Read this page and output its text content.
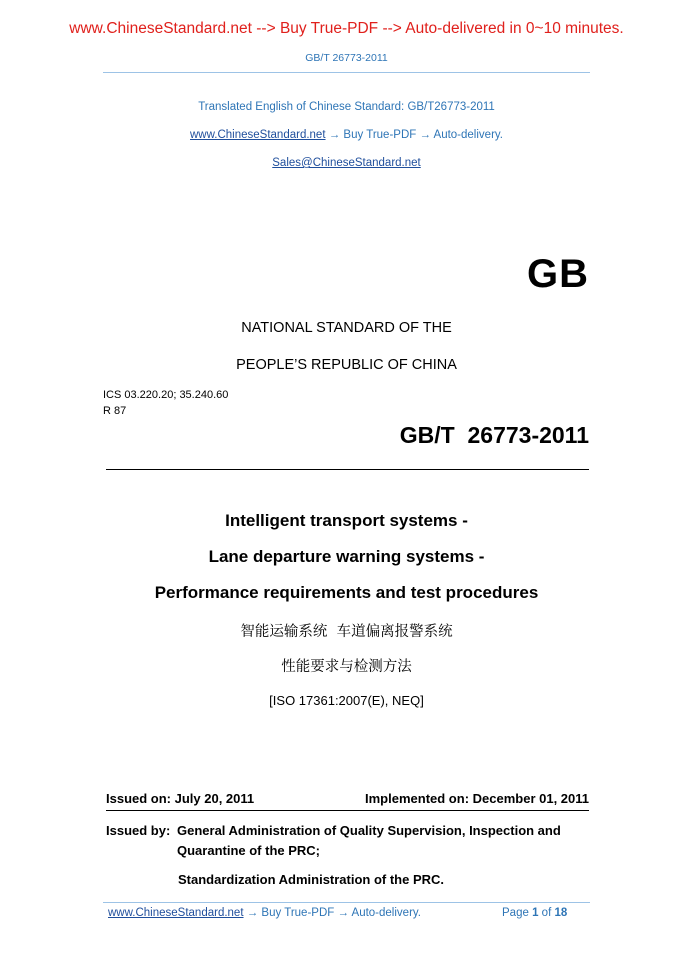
www.ChineseStandard.net --> Buy True-PDF --> Auto-delivered in 0~10 minutes.
GB/T 26773-2011
Translated English of Chinese Standard: GB/T26773-2011
www.ChineseStandard.net → Buy True-PDF → Auto-delivery.
Sales@ChineseStandard.net
GB
NATIONAL STANDARD OF THE
PEOPLE’S REPUBLIC OF CHINA
ICS 03.220.20; 35.240.60
R 87
GB/T  26773-2011
Intelligent transport systems -
Lane departure warning systems -
Performance requirements and test procedures
智能运输系统  车道偏离报警系统
性能要求与检测方法
[ISO 17361:2007(E), NEQ]
Issued on: July 20, 2011	Implemented on: December 01, 2011
Issued by: General Administration of Quality Supervision, Inspection and
Quarantine of the PRC;
Standardization Administration of the PRC.
www.ChineseStandard.net → Buy True-PDF → Auto-delivery.	Page 1 of 18
